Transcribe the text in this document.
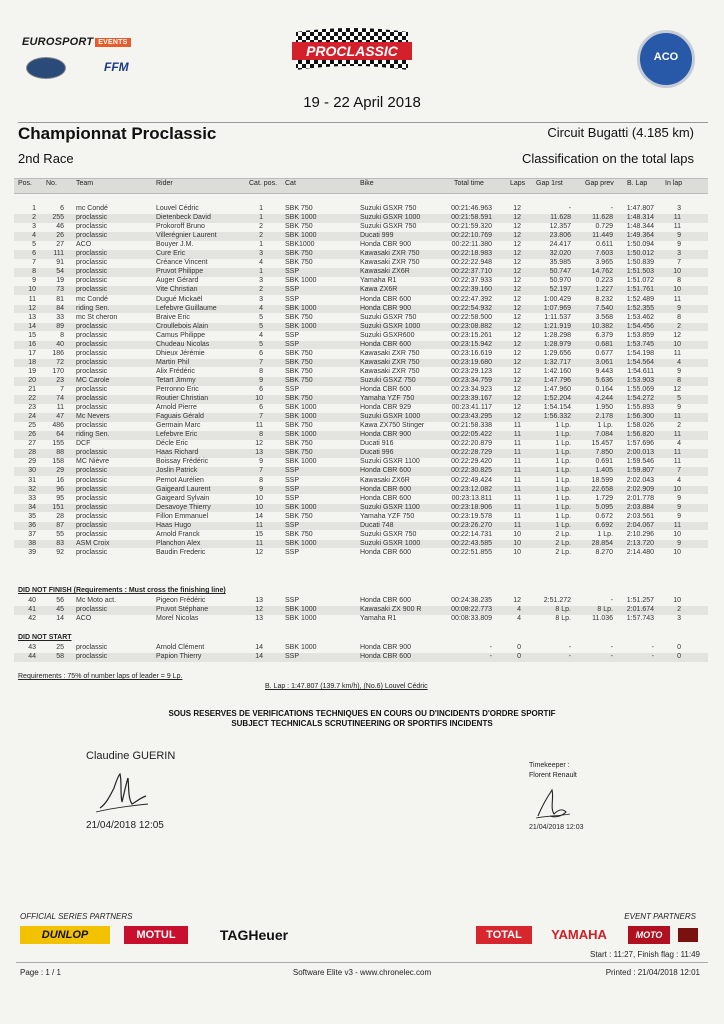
EUROSPORT EVENTS
FFM
PROCLASSIC	ACO
19 - 22 April 2018
Championnat Proclassic	Circuit Bugatti (4.185 km)
2nd Race	Classification on the total laps
Pos. No.	Team	Rider	Cat. pos. Cat	Bike	Total time	Laps Gap 1rst	Gap prev B. Lap	In lap
1	6 mc Condé	Louvel Cédric	1	SBK 750	Suzuki GSXR 750	00:21:46.963	12	-	- 1:47.807	3
2 255 proclassic	Dietenbeck David	1	SBK 1000	Suzuki GSXR 1000	00:21:58.591	12	11.628	11.628 1:48.314	11
3	46 proclassic	Prokoroff Bruno	2	SBK 750	Suzuki GSXR 750	00:21:59.320	12	12.357	0.729 1:48.344	11
4	26 proclassic	Villerégnier Laurent	2	SBK 1000	Ducati 999	00:22:10.769	12	23.806	11.449 1:49.364	9
5	27 ACO	Bouyer J.M.	1	SBK1000	Honda CBR 900	00:22:11.380	12	24.417	0.611 1:50.094	9
6 111 proclassic	Cure Eric	3	SBK 750	Kawasaki ZXR 750	00:22:18.983	12	32.020	7.603 1:50.012	3
7	91 proclassic	Créance Vincent	4	SBK 750	Kawasaki ZXR 750	00:22:22.948	12	35.985	3.965 1:50.839	7
8	54 proclassic	Pruvot Philippe	1	SSP	Kawasaki ZX6R	00:22:37.710	12	50.747	14.762 1:51.503	10
9	19 proclassic	Auger Gérard	3	SBK 1000	Yamaha R1	00:22:37.933	12	50.970	0.223 1:51.072	8
10	73 proclassic	Vite Christian	2	SSP	Kawa ZX6R	00:22:39.160	12	52.197	1.227 1:51.761	10
11	81 mc Condé	Dugué Mickaël	3	SSP	Honda CBR 600	00:22:47.392	12	1:00.429	8.232 1:52.489	11
12	84 riding Sen.	Lefebvre Guillaume	4	SBK 1000	Honda CBR 900	00:22:54.932	12	1:07.969	7.540 1:52.355	9
13	33 mc St cheron	Braive Eric	5	SBK 750	Suzuki GSXR 750	00:22:58.500	12	1:11.537	3.568 1:53.462	8
14	89 proclassic	Croullebois Alain	5	SBK 1000	Suzuki GSXR 1000	00:23:08.882	12	1:21.919	10.382 1:54.456	2
15	8 proclassic	Camus Philippe	4	SSP	Suzuki GSXR600	00:23:15.261	12	1:28.298	6.379 1:53.859	12
16	40 proclassic	Chudeau Nicolas	5	SSP	Honda CBR 600	00:23:15.942	12	1:28.979	0.681 1:53.745	10
17 186 proclassic	Dhieux Jérémie	6	SBK 750	Kawasaki ZXR 750	00:23:16.619	12	1:29.656	0.677 1:54.198	11
18	72 proclassic	Martin Phil	7	SBK 750	Kawasaki ZXR 750	00:23:19.680	12	1:32.717	3.061 1:54.564	4
19 170 proclassic	Alix Frédéric	8	SBK 750	Kawasaki ZXR 750	00:23:29.123	12	1:42.160	9.443 1:54.611	9
20	23 MC Carole	Tetart Jimmy	9	SBK 750	Suzuki GSXZ 750	00:23:34.759	12	1:47.796	5.636 1:53.903	8
21	7 proclassic	Perronno Eric	6	SSP	Honda CBR 600	00:23:34.923	12	1:47.960	0.164 1:55.069	12
22	74 proclassic	Routier Christian	10	SBK 750	Yamaha YZF 750	00:23:39.167	12	1:52.204	4.244 1:54.272	5
23	11 proclassic	Arnold Pierre	6	SBK 1000	Honda CBR 929	00:23:41.117	12	1:54.154	1.950 1:55.893	9
24	47 Mc Nevers	Faguais Gérald	7	SBK 1000	Suzuki GSXR 1000	00:23:43.295	12	1:56.332	2.178 1:56.300	11
25 486 proclassic	Germain Marc	11	SBK 750	Kawa ZX750 Stinger	00:21:58.338	11	1 Lp.	1 Lp. 1:58.026	2
26	64 riding Sen.	Lefebvre Eric	8	SBK 1000	Honda CBR 900	00:22:05.422	11	1 Lp.	7.084 1:56.820	11
27 155 DCF	Décle Eric	12	SBK 750	Ducati 916	00:22:20.879	11	1 Lp.	15.457 1:57.696	4
28	88 proclassic	Haas Richard	13	SBK 750	Ducati 996	00:22:28.729	11	1 Lp.	7.850 2:00.013	11
29 158 MC Nièvre	Boissay Frédéric	9	SBK 1000	Suzuki GSXR 1100	00:22:29.420	11	1 Lp.	0.691 1:59.546	11
30	29 proclassic	Joslin Patrick	7	SSP	Honda CBR 600	00:22:30.825	11	1 Lp.	1.405 1:59.807	7
31	16 proclassic	Pernot Aurélien	8	SSP	Kawasaki ZX6R	00:22:49.424	11	1 Lp.	18.599 2:02.043	4
32	96 proclassic	Gaigeard Laurent	9	SSP	Honda CBR 600	00:23:12.082	11	1 Lp.	22.658 2:02.909	10
33	95 proclassic	Gaigeard Sylvain	10	SSP	Honda CBR 600	00:23:13.811	11	1 Lp.	1.729 2:01.778	9
34 151 proclassic	Desavoye Thierry	10	SBK 1000	Suzuki GSXR 1100	00:23:18.906	11	1 Lp.	5.095 2:03.884	9
35	28 proclassic	Fillon Emmanuel	14	SBK 750	Yamaha YZF 750	00:23:19.578	11	1 Lp.	0.672 2:03.561	9
36	87 proclassic	Haas Hugo	11	SSP	Ducati 748	00:23:26.270	11	1 Lp.	6.692 2:04.067	11
37	55 proclassic	Arnold Franck	15	SBK 750	Suzuki GSXR 750	00:22:14.731	10	2 Lp.	1 Lp. 2:10.296	10
38	83 ASM Croix	Planchon Alex	11	SBK 1000	Suzuki GSXR 1000	00:22:43.585	10	2 Lp.	28.854 2:13.720	9
39	92 proclassic	Baudin Frederic	12	SSP	Honda CBR 600	00:22:51.855	10	2 Lp.	8.270 2:14.480	10
DID NOT FINISH (Requirements : Must cross the finishing line)
40	56 Mc Moto act.	Pigeon Frédéric	13	SSP	Honda CBR 600	00:24:38.235	12	2:51.272	- 1:51.257	10
41	45 proclassic	Pruvot Stéphane	12	SBK 1000	Kawasaki ZX 900 R	00:08:22.773	4	8 Lp.	8 Lp. 2:01.674	2
42	14 ACO	Morel Nicolas	13	SBK 1000	Yamaha R1	00:08:33.809	4	8 Lp.	11.036 1:57.743	3
DID NOT START
43	25 proclassic	Arnold Clément	14	SBK 1000	Honda CBR 900	-	0	-	-	-	0
44	58 proclassic	Papion Thierry	14	SSP	Honda CBR 600	-	0	-	-	-	0
Requirements : 75% of number laps of leader = 9 Lp.
B. Lap : 1:47.807 (139.7 km/h), (No.6) Louvel Cédric
SOUS RESERVES DE VERIFICATIONS TECHNIQUES EN COURS OU D'INCIDENTS D'ORDRE SPORTIF
SUBJECT TECHNICALS SCRUTINEERING OR SPORTIFS INCIDENTS
Claudine GUERIN
21/04/2018 12:05
Timekeeper :
Florent Renault
21/04/2018 12:03
OFFICIAL SERIES PARTNERS	EVENT PARTNERS
DUNLOP	MOTUL	TAGHeuer	TOTAL	YAMAHA	MOTO
Start : 11:27, Finish flag : 11:49
Page : 1 / 1	Software Elite v3 - www.chronelec.com	Printed : 21/04/2018 12:01
